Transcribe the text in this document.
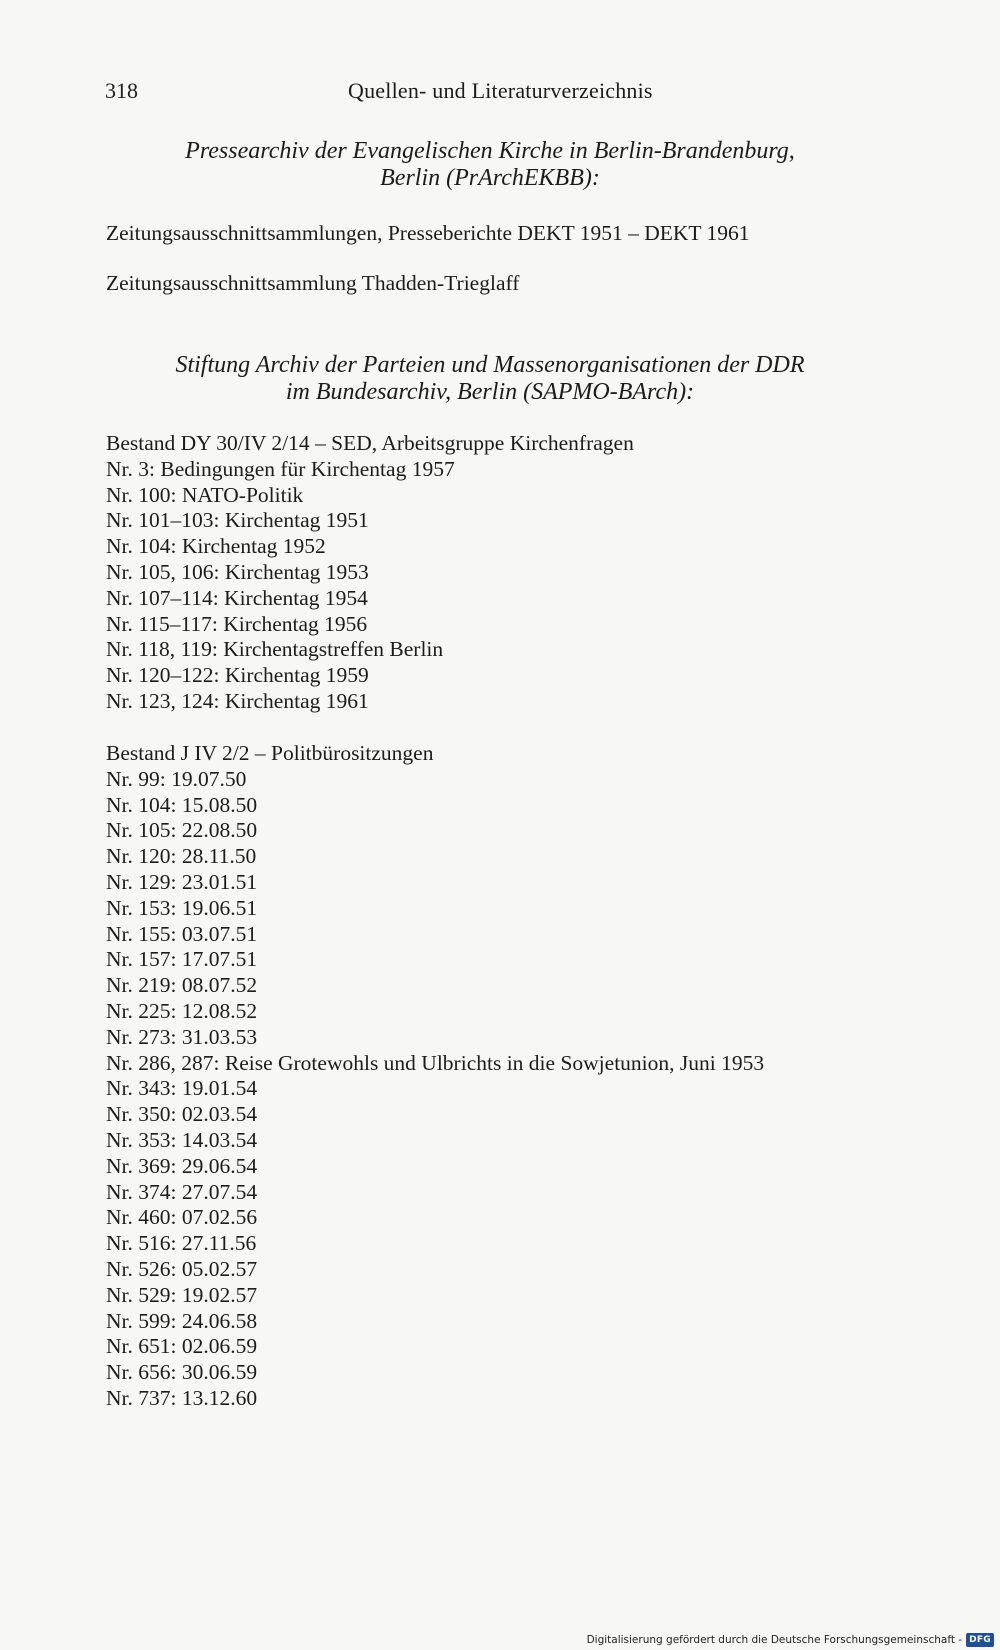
318	Quellen- und Literaturverzeichnis
Pressearchiv der Evangelischen Kirche in Berlin-Brandenburg,
Berlin (PrArchEKBB):
Zeitungsausschnittsammlungen, Presseberichte DEKT 1951 – DEKT 1961
Zeitungsausschnittsammlung Thadden-Trieglaff
Stiftung Archiv der Parteien und Massenorganisationen der DDR
im Bundesarchiv, Berlin (SAPMO-BArch):
Bestand DY 30/IV 2/14 – SED, Arbeitsgruppe Kirchenfragen
Nr. 3: Bedingungen für Kirchentag 1957
Nr. 100: NATO-Politik
Nr. 101–103: Kirchentag 1951
Nr. 104: Kirchentag 1952
Nr. 105, 106: Kirchentag 1953
Nr. 107–114: Kirchentag 1954
Nr. 115–117: Kirchentag 1956
Nr. 118, 119: Kirchentagstreffen Berlin
Nr. 120–122: Kirchentag 1959
Nr. 123, 124: Kirchentag 1961
Bestand J IV 2/2 – Politbürositzungen
Nr. 99: 19.07.50
Nr. 104: 15.08.50
Nr. 105: 22.08.50
Nr. 120: 28.11.50
Nr. 129: 23.01.51
Nr. 153: 19.06.51
Nr. 155: 03.07.51
Nr. 157: 17.07.51
Nr. 219: 08.07.52
Nr. 225: 12.08.52
Nr. 273: 31.03.53
Nr. 286, 287: Reise Grotewohls und Ulbrichts in die Sowjetunion, Juni 1953
Nr. 343: 19.01.54
Nr. 350: 02.03.54
Nr. 353: 14.03.54
Nr. 369: 29.06.54
Nr. 374: 27.07.54
Nr. 460: 07.02.56
Nr. 516: 27.11.56
Nr. 526: 05.02.57
Nr. 529: 19.02.57
Nr. 599: 24.06.58
Nr. 651: 02.06.59
Nr. 656: 30.06.59
Nr. 737: 13.12.60
Digitalisierung gefördert durch die Deutsche Forschungsgemeinschaft - DFG
